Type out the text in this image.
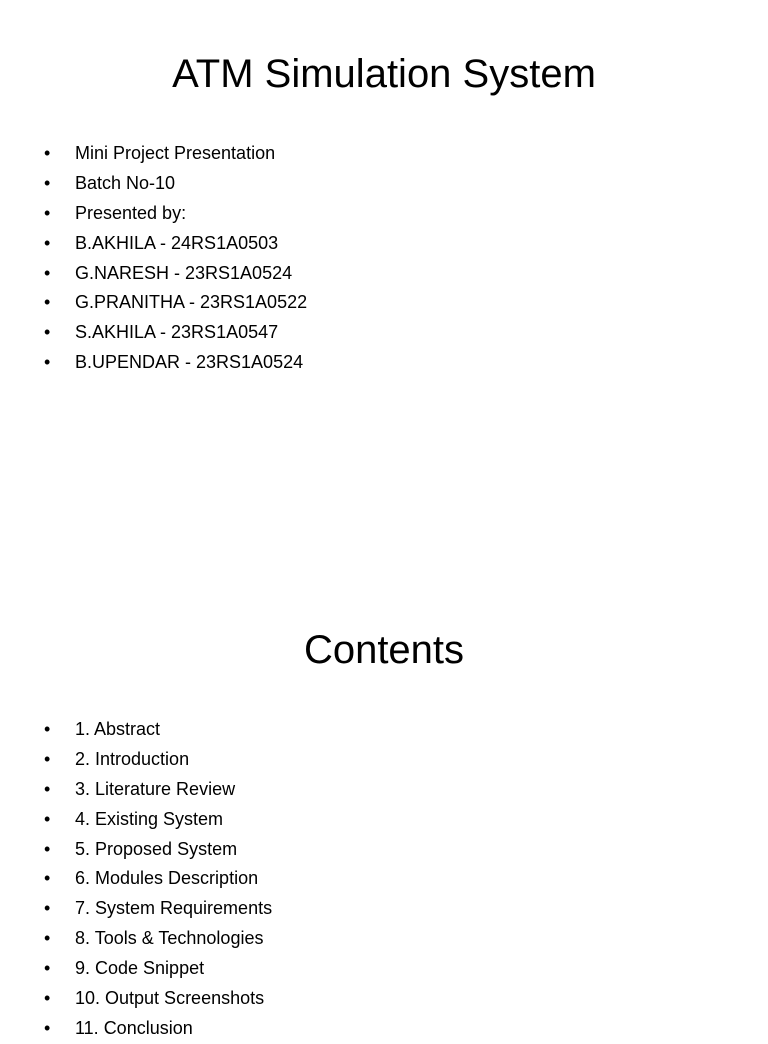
ATM Simulation System
•	Mini Project Presentation
•	Batch No-10
•	Presented by:
•	B.AKHILA - 24RS1A0503
•	G.NARESH - 23RS1A0524
•	G.PRANITHA - 23RS1A0522
•	S.AKHILA - 23RS1A0547
•	B.UPENDAR - 23RS1A0524
Contents
•	1. Abstract
•	2. Introduction
•	3. Literature Review
•	4. Existing System
•	5. Proposed System
•	6. Modules Description
•	7. System Requirements
•	8. Tools & Technologies
•	9. Code Snippet
•	10. Output Screenshots
•	11. Conclusion
